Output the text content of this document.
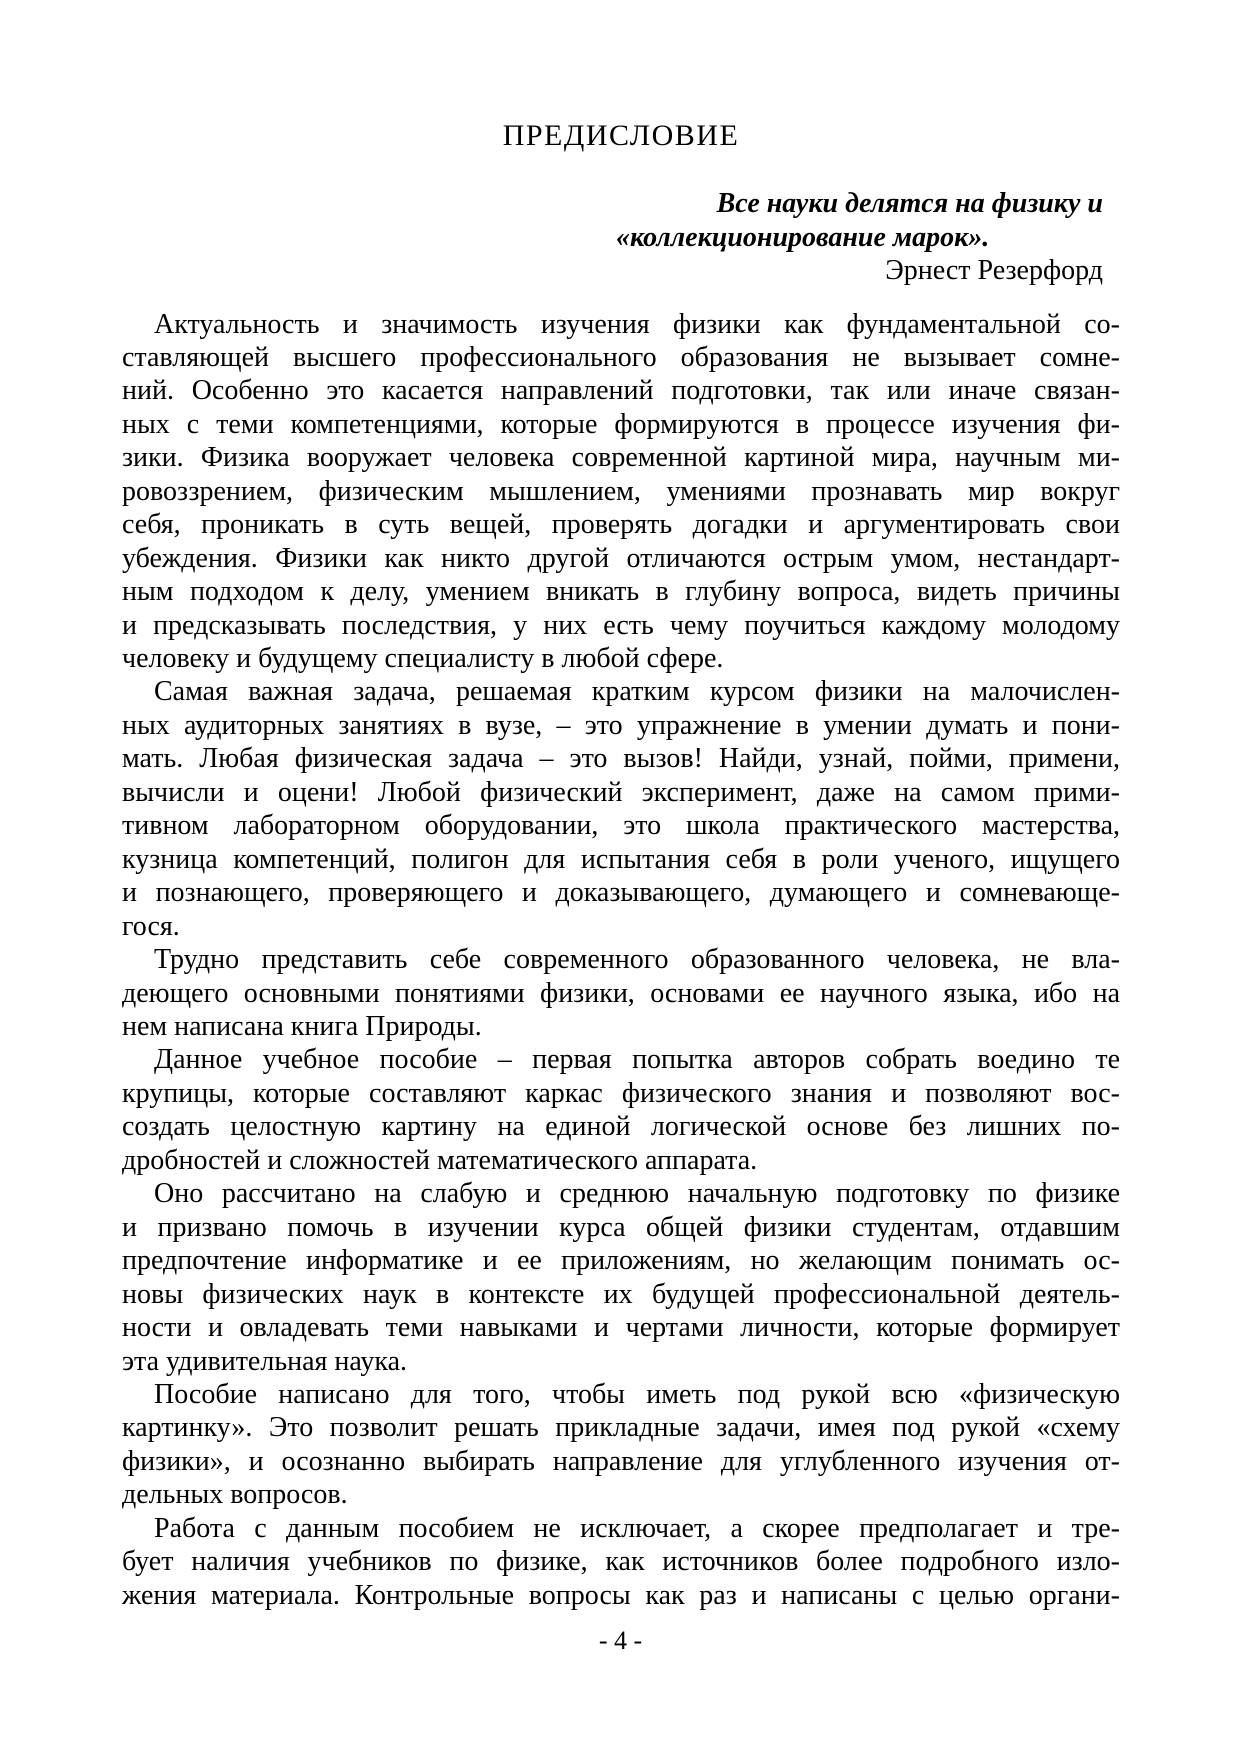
ПРЕДИСЛОВИЕ
Все науки делятся на физику и
«коллекционирование марок».
Эрнест Резерфорд
Актуальность и значимость изучения физики как фундаментальной со-
ставляющей высшего профессионального образования не вызывает сомне-
ний. Особенно это касается направлений подготовки, так или иначе связан-
ных с теми компетенциями, которые формируются в процессе изучения фи-
зики. Физика вооружает человека современной картиной мира, научным ми-
ровоззрением, физическим мышлением, умениями прознавать мир вокруг
себя, проникать в суть вещей, проверять догадки и аргументировать свои
убеждения. Физики как никто другой отличаются острым умом, нестандарт-
ным подходом к делу, умением вникать в глубину вопроса, видеть причины
и предсказывать последствия, у них есть чему поучиться каждому молодому
человеку и будущему специалисту в любой сфере.
Самая важная задача, решаемая кратким курсом физики на малочислен-
ных аудиторных занятиях в вузе, – это упражнение в умении думать и пони-
мать. Любая физическая задача – это вызов! Найди, узнай, пойми, примени,
вычисли и оцени! Любой физический эксперимент, даже на самом прими-
тивном лабораторном оборудовании, это школа практического мастерства,
кузница компетенций, полигон для испытания себя в роли ученого, ищущего
и познающего, проверяющего и доказывающего, думающего и сомневающе-
гося.
Трудно представить себе современного образованного человека, не вла-
деющего основными понятиями физики, основами ее научного языка, ибо на
нем написана книга Природы.
Данное учебное пособие – первая попытка авторов собрать воедино те
крупицы, которые составляют каркас физического знания и позволяют вос-
создать целостную картину на единой логической основе без лишних по-
дробностей и сложностей математического аппарата.
Оно рассчитано на слабую и среднюю начальную подготовку по физике
и призвано помочь в изучении курса общей физики студентам, отдавшим
предпочтение информатике и ее приложениям, но желающим понимать ос-
новы физических наук в контексте их будущей профессиональной деятель-
ности и овладевать теми навыками и чертами личности, которые формирует
эта удивительная наука.
Пособие написано для того, чтобы иметь под рукой всю «физическую
картинку». Это позволит решать прикладные задачи, имея под рукой «схему
физики», и осознанно выбирать направление для углубленного изучения от-
дельных вопросов.
Работа с данным пособием не исключает, а скорее предполагает и тре-
бует наличия учебников по физике, как источников более подробного изло-
жения материала. Контрольные вопросы как раз и написаны с целью органи-
- 4 -
